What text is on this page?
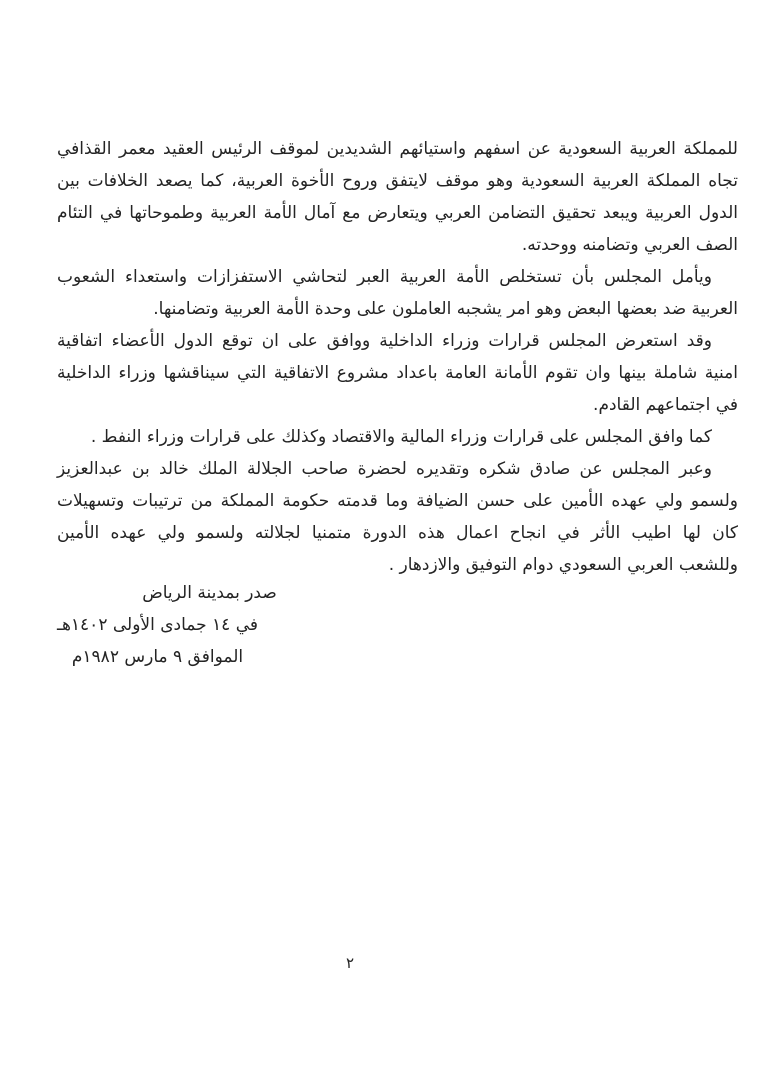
للمملكة العربية السعودية عن اسفهم واستيائهم الشديدين لموقف الرئيس العقيد معمر القذافي
تجاه المملكة العربية السعودية وهو موقف لايتفق وروح الأخوة العربية، كما يصعد الخلافات بين
الدول العربية ويبعد تحقيق التضامن العربي ويتعارض مع آمال الأمة العربية وطموحاتها في التئام
الصف العربي وتضامنه ووحدته.
ويأمل المجلس بأن تستخلص الأمة العربية العبر لتحاشي الاستفزازات واستعداء الشعوب
العربية ضد بعضها البعض وهو امر يشجبه العاملون على وحدة الأمة العربية وتضامنها.
وقد استعرض المجلس قرارات وزراء الداخلية ووافق على ان توقع الدول الأعضاء اتفاقية
امنية شاملة بينها وان تقوم الأمانة العامة باعداد مشروع الاتفاقية التي سيناقشها وزراء الداخلية
في اجتماعهم القادم.
كما وافق المجلس على قرارات وزراء المالية والاقتصاد وكذلك على قرارات وزراء النفط .
وعبر المجلس عن صادق شكره وتقديره لحضرة صاحب الجلالة الملك خالد بن عبدالعزيز
ولسمو ولي عهده الأمين على حسن الضيافة وما قدمته حكومة المملكة من ترتيبات وتسهيلات
كان لها اطيب الأثر في انجاح اعمال هذه الدورة متمنيا لجلالته ولسمو ولي عهده الأمين
وللشعب العربي السعودي دوام التوفيق والازدهار .
صدر بمدينة الرياض
في ١٤ جمادى الأولى ١٤٠٢هـ
الموافق ٩ مارس ١٩٨٢م
٢
